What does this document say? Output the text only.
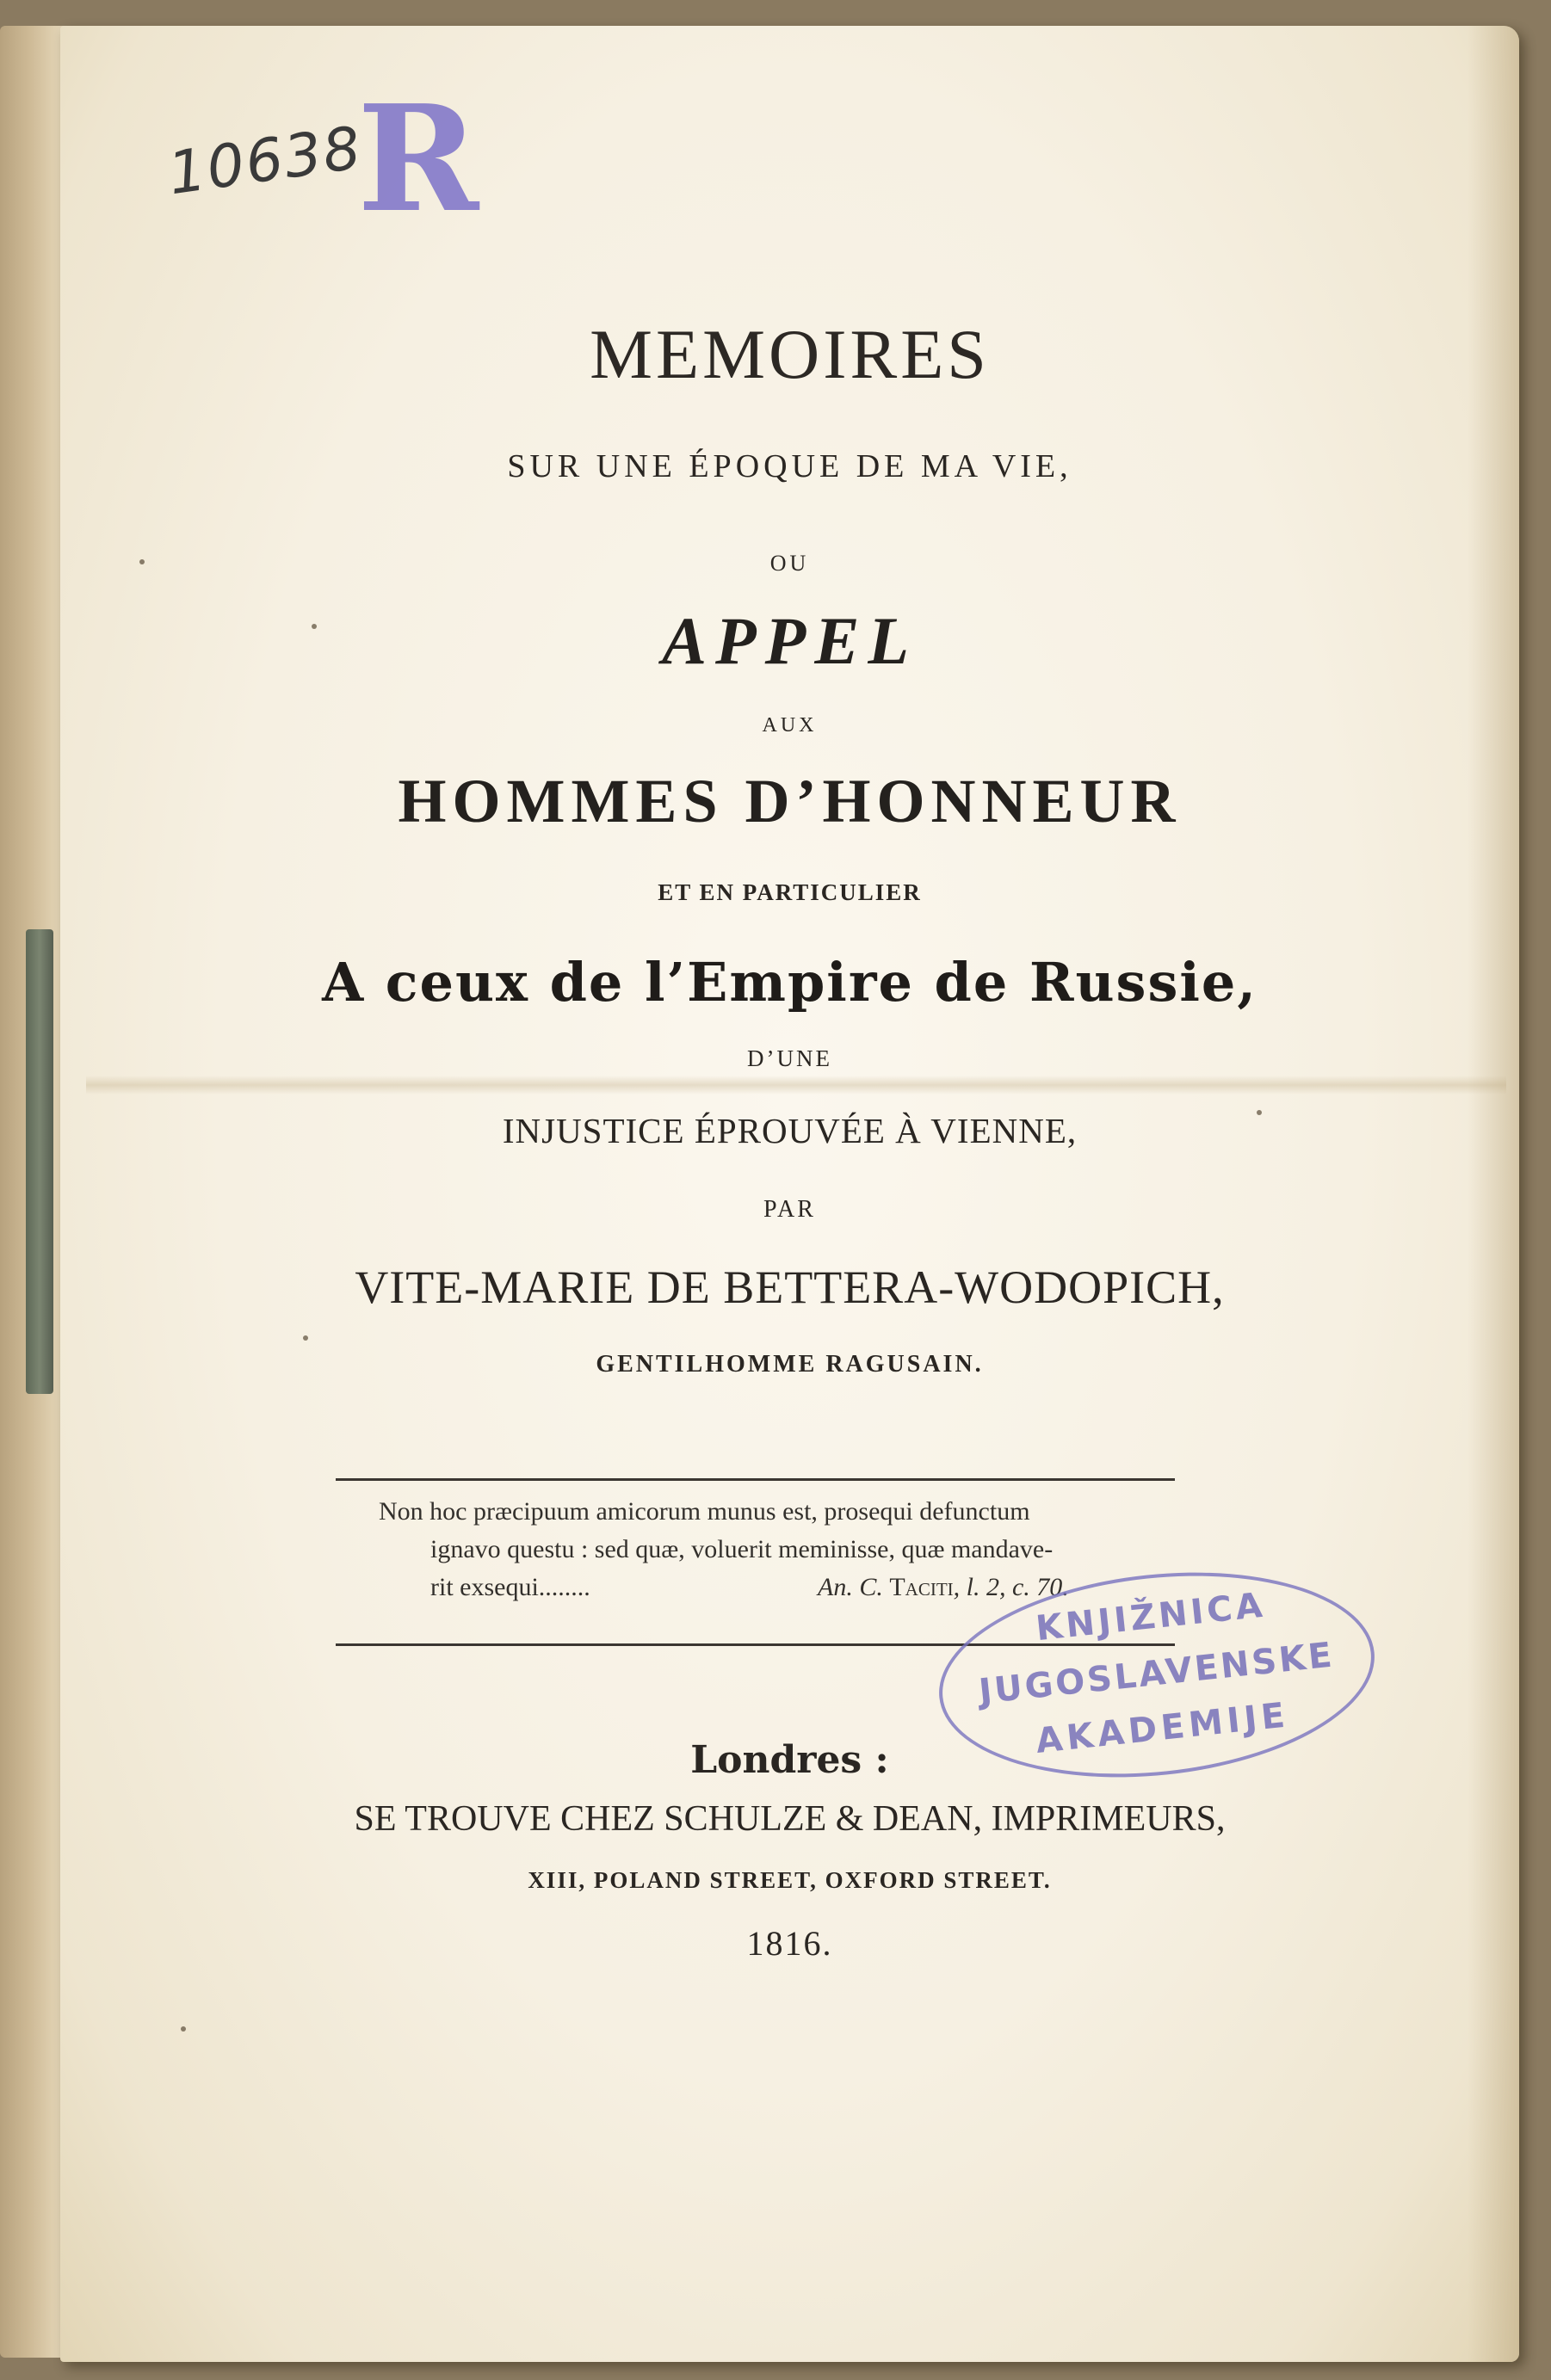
10638
R
MEMOIRES
SUR UNE ÉPOQUE DE MA VIE,
OU
APPEL
AUX
HOMMES D’HONNEUR
ET EN PARTICULIER
A ceux de l’Empire de Russie,
D’UNE
INJUSTICE ÉPROUVÉE À VIENNE,
PAR
VITE-MARIE DE BETTERA-WODOPICH,
GENTILHOMME RAGUSAIN.
Non hoc præcipuum amicorum munus est, prosequi defunctum
ignavo questu : sed quæ, voluerit meminisse, quæ mandave-
rit exsequi........	An. C. Taciti, l. 2, c. 70.
KNJIŽNICA
JUGOSLAVENSKE
AKADEMIJE
Londres :
SE TROUVE CHEZ SCHULZE & DEAN, IMPRIMEURS,
XIII, POLAND STREET, OXFORD STREET.
1816.
